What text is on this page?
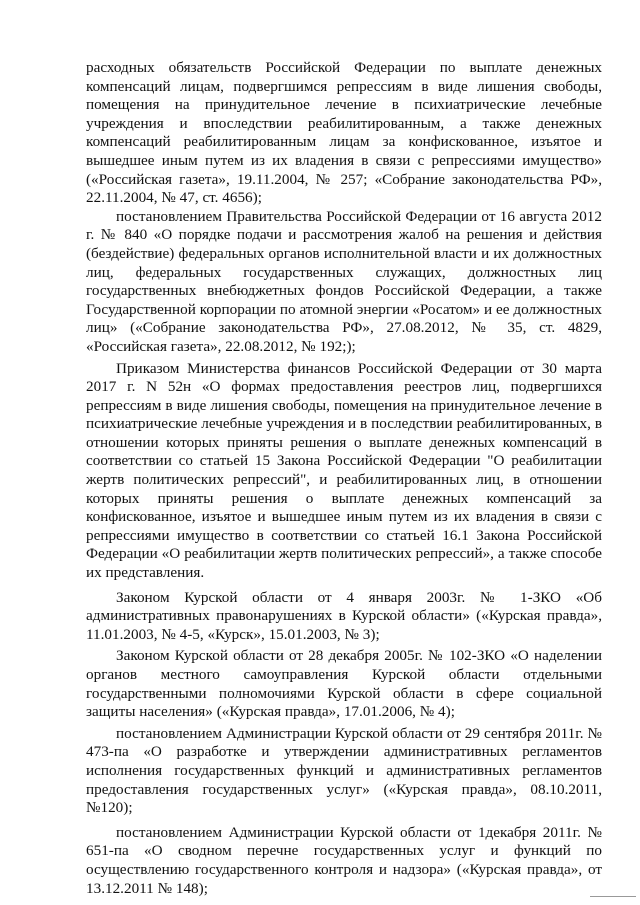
расходных обязательств Российской Федерации по выплате денежных компенсаций лицам, подвергшимся репрессиям в виде лишения свободы, помещения на принудительное лечение в психиатрические лечебные учреждения и впоследствии реабилитированным, а также денежных компенсаций реабилитированным лицам за конфискованное, изъятое и вышедшее иным путем из их владения в связи с репрессиями имущество» («Российская газета», 19.11.2004, № 257; «Собрание законодательства РФ», 22.11.2004, № 47, ст. 4656);

постановлением Правительства Российской Федерации от 16 августа 2012 г. № 840 «О порядке подачи и рассмотрения жалоб на решения и действия (бездействие) федеральных органов исполнительной власти и их должностных лиц, федеральных государственных служащих, должностных лиц государственных внебюджетных фондов Российской Федерации, а также Государственной корпорации по атомной энергии «Росатом» и ее должностных лиц» («Собрание законодательства РФ», 27.08.2012, № 35, ст. 4829, «Российская газета», 22.08.2012, № 192;);

Приказом Министерства финансов Российской Федерации от 30 марта 2017 г. N 52н «О формах предоставления реестров лиц, подвергшихся репрессиям в виде лишения свободы, помещения на принудительное лечение в психиатрические лечебные учреждения и в последствии реабилитированных, в отношении которых приняты решения о выплате денежных компенсаций в соответствии со статьей 15 Закона Российской Федерации "О реабилитации жертв политических репрессий", и реабилитированных лиц, в отношении которых приняты решения о выплате денежных компенсаций за конфискованное, изъятое и вышедшее иным путем из их владения в связи с репрессиями имущество в соответствии со статьей 16.1 Закона Российской Федерации «О реабилитации жертв политических репрессий», а также способе их представления.

Законом Курской области от 4 января 2003г. № 1-ЗКО «Об административных правонарушениях в Курской области» («Курская правда», 11.01.2003, № 4-5, «Курск», 15.01.2003, № 3);

Законом Курской области от 28 декабря 2005г. № 102-ЗКО «О наделении органов местного самоуправления Курской области отдельными государственными полномочиями Курской области в сфере социальной защиты населения» («Курская правда», 17.01.2006, № 4);

постановлением Администрации Курской области от 29 сентября 2011г. № 473-па «О разработке и утверждении административных регламентов исполнения государственных функций и административных регламентов предоставления государственных услуг» («Курская правда», 08.10.2011, №120);

постановлением Администрации Курской области от 1декабря 2011г. № 651-па «О сводном перечне государственных услуг и функций по осуществлению государственного контроля и надзора» («Курская правда», от 13.12.2011 № 148);
